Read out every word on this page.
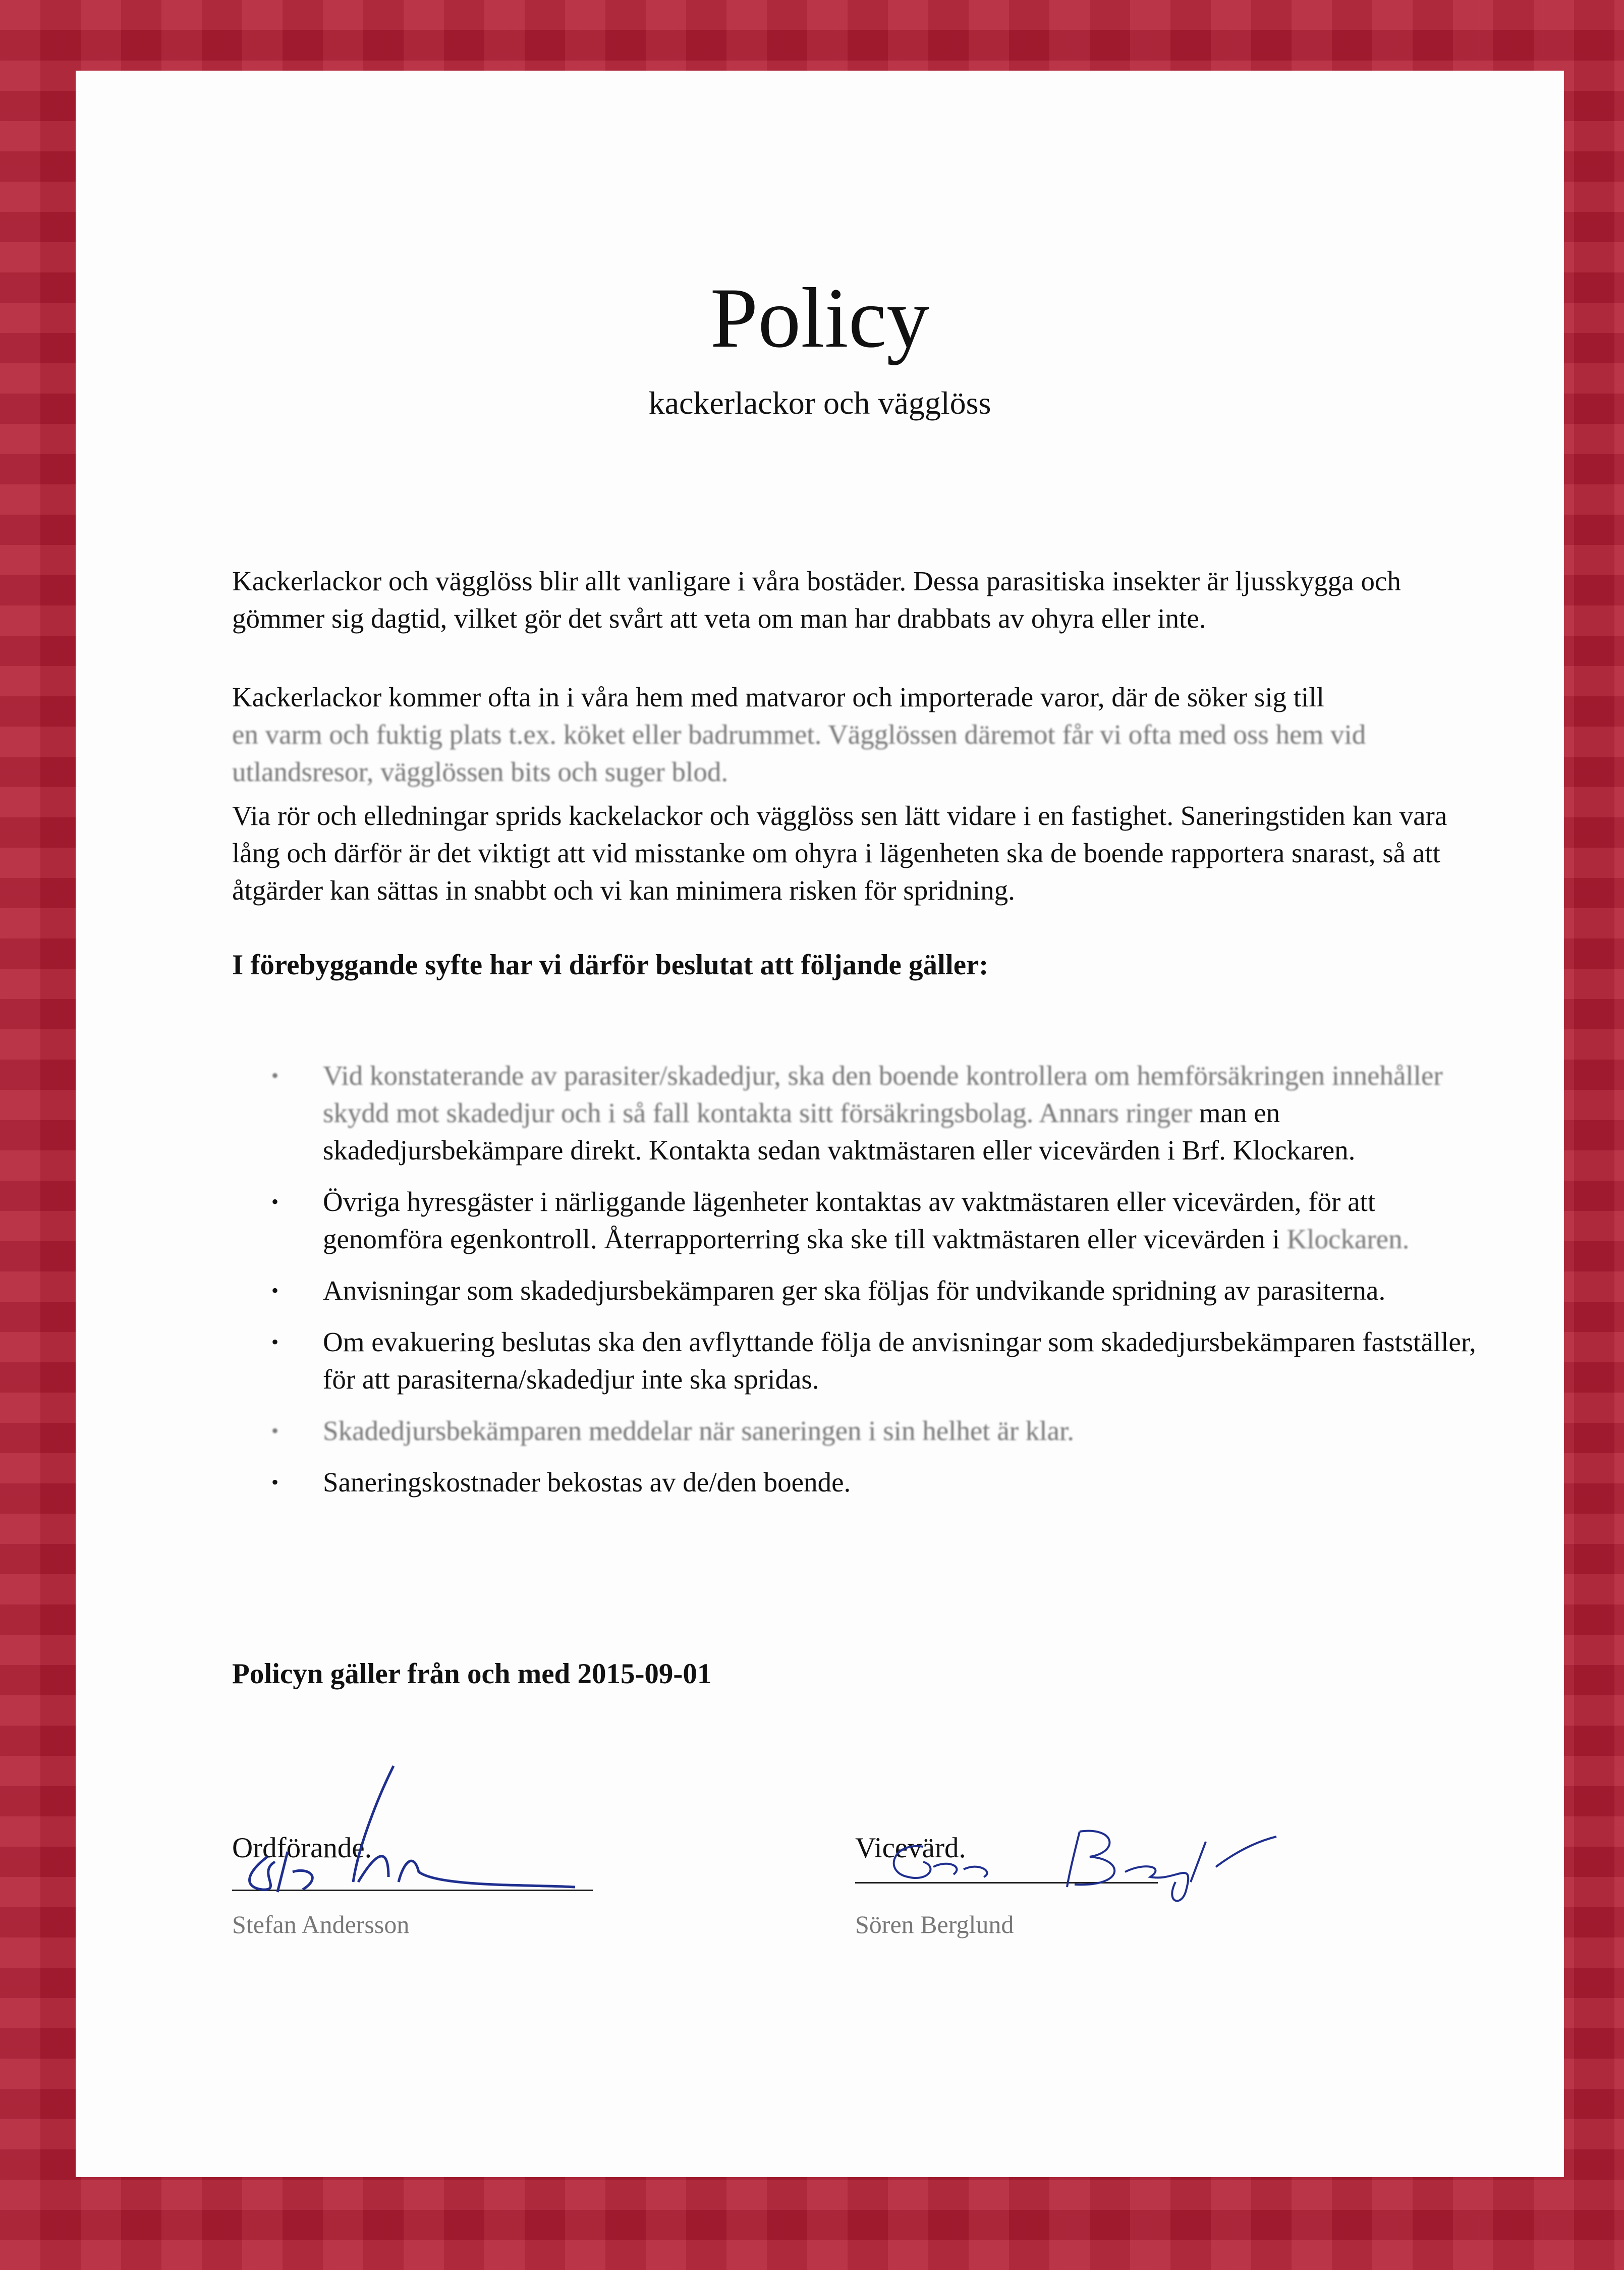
Policy
kackerlackor och vägglöss

Kackerlackor och vägglöss blir allt vanligare i våra bostäder. Dessa parasitiska insekter är ljusskygga och gömmer sig dagtid, vilket gör det svårt att veta om man har drabbats av ohyra eller inte.

Kackerlackor kommer ofta in i våra hem med matvaror och importerade varor, där de söker sig till

en varm och fuktig plats t.ex. köket eller badrummet. Vägglössen däremot får vi ofta med oss hem vid utlandsresor, vägglössen bits och suger blod.

Via rör och elledningar sprids kackelackor och vägglöss sen lätt vidare i en fastighet. Saneringstiden kan vara lång och därför är det viktigt att vid misstanke om ohyra i lägenheten ska de boende rapportera snarast, så att åtgärder kan sättas in snabbt och vi kan minimera risken för spridning.

I förebyggande syfte har vi därför beslutat att följande gäller:
• Vid konstaterande av parasiter/skadedjur, ska den boende kontrollera om hemförsäkringen innehåller skydd mot skadedjur och i så fall kontakta sitt försäkringsbolag. Annars ringer man en skadedjursbekämpare direkt. Kontakta sedan vaktmästaren eller vicevärden i Brf. Klockaren.
• Övriga hyresgäster i närliggande lägenheter kontaktas av vaktmästaren eller vicevärden, för att genomföra egenkontroll. Återrapporterring ska ske till vaktmästaren eller vicevärden i Klockaren.
• Anvisningar som skadedjursbekämparen ger ska följas för undvikande spridning av parasiterna.
• Om evakuering beslutas ska den avflyttande följa de anvisningar som skadedjursbekämparen fastställer, för att parasiterna/skadedjur inte ska spridas.
• Skadedjursbekämparen meddelar när saneringen i sin helhet är klar.
• Saneringskostnader bekostas av de/den boende.
Policyn gäller från och med 2015-09-01
Ordförande.
Stefan Andersson
Vicevärd.
Sören Berglund
